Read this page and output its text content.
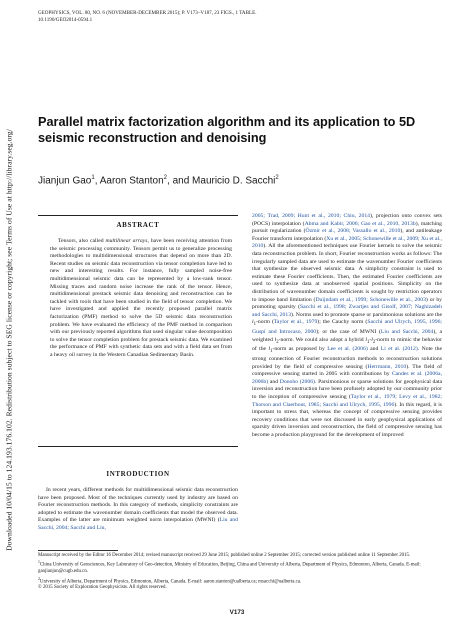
Downloaded 10/04/15 to 124.193.176.102. Redistribution subject to SEG license or copyright; see Terms of Use at http://library.seg.org/
GEOPHYSICS, VOL. 80, NO. 6 (NOVEMBER-DECEMBER 2015); P. V173–V187, 23 FIGS., 1 TABLE.
10.1190/GEO2014-0594.1
Parallel matrix factorization algorithm and its application to 5D seismic reconstruction and denoising
Jianjun Gao$^1$, Aaron Stanton$^2$, and Mauricio D. Sacchi$^2$
ABSTRACT

Tensors, also called multilinear arrays, have been receiving attention from the seismic processing community. Tensors permit us to generalize processing methodologies to multidimensional structures that depend on more than 2D. Recent studies on seismic data reconstruction via tensor completion have led to new and interesting results. For instance, fully sampled noise-free multidimensional seismic data can be represented by a low-rank tensor. Missing traces and random noise increase the rank of the tensor. Hence, multidimensional prestack seismic data denoising and reconstruction can be tackled with tools that have been studied in the field of tensor completion. We have investigated and applied the recently proposed parallel matrix factorization (PMF) method to solve the 5D seismic data reconstruction problem. We have evaluated the efficiency of the PMF method in comparison with our previously reported algorithms that used singular value decomposition to solve the tensor completion problem for prestack seismic data. We examined the performance of PMF with synthetic data sets and with a field data set from a heavy oil survey in the Western Canadian Sedimentary Basin.

INTRODUCTION

In recent years, different methods for multidimensional seismic data reconstruction have been proposed. Most of the techniques currently used by industry are based on Fourier reconstruction methods. In this category of methods, simplicity constraints are adopted to estimate the wavenumber domain coefficients that model the observed data. Examples of the latter are minimum weighted norm interpolation (MWNI) (Liu and Sacchi, 2004; Sacchi and Liu,

2005; Trad, 2009; Hunt et al., 2010; Chiu, 2014), projection onto convex sets (POCS) interpolation (Abma and Kabir, 2006; Gao et al., 2010, 2013b), matching pursuit regularization (Özmir et al., 2008; Vassallo et al., 2010), and antileakage Fourier transform interpolation (Xu et al., 2005; Schonewille et al., 2009; Xu et al., 2010). All the aforementioned techniques use Fourier kernels to solve the seismic data reconstruction problem. In short, Fourier reconstruction works as follows: The irregularly sampled data are used to estimate the wavenumber Fourier coefficients that synthesize the observed seismic data. A simplicity constraint is used to estimate these Fourier coefficients. Then, the estimated Fourier coefficients are used to synthesize data at unobserved spatial positions. Simplicity on the distribution of wavenumber domain coefficients is sought by restriction operators to impose band limitation (Duijndam et al., 1999; Schonewille et al., 2003) or by promoting sparsity (Sacchi et al., 1998; Zwartjes and Gisolf, 2007; Naghizadeh and Sacchi, 2013). Norms used to promote sparse or parsimonious solutions are the $l_1$-norm (Taylor et al., 1979); the Cauchy norm (Sacchi and Ulrych, 1995, 1996; Guspí and Introcaso, 2000); or the case of MWNI (Liu and Sacchi, 2004), a weighted $l_2$-norm. We could also adopt a hybrid $l_1-l_2$-norm to mimic the behavior of the $l_1$-norm as proposed by Lee et al. (2006) and Li et al. (2012). Note the strong connection of Fourier reconstruction methods to reconstruction solutions provided by the field of compressive sensing (Herrmann, 2010). The field of compressive sensing started in 2005 with contributions by Candes et al. (2006a, 2006b) and Donoho (2006). Parsimonious or sparse solutions for geophysical data inversion and reconstruction have been profusely adopted by our community prior to the inception of compressive sensing (Taylor et al., 1979; Levy et al., 1982; Thorson and Claerbout, 1985; Sacchi and Ulrych, 1995, 1996). In this regard, it is important to stress that, whereas the concept of compressive sensing provides recovery conditions that were not discussed in early geophysical applications of sparsity driven inversion and reconstruction, the field of compressive sensing has become a production playground for the development of improved

Manuscript received by the Editor 16 December 2014; revised manuscript received 29 June 2015; published online 2 September 2015; corrected version published online 11 September 2015.

$^1$China University of Geosciences, Key Laboratory of Geo-detection, Ministry of Education, Beijing, China and University of Alberta, Department of Physics, Edmonton, Alberta, Canada. E-mail: gaojianjun@cugb.edu.cn.

$^2$University of Alberta, Department of Physics, Edmonton, Alberta, Canada. E-mail: aaron.stanton@ualberta.ca; msacchi@ualberta.ca.

© 2015 Society of Exploration Geophysicists. All rights reserved.

V173
